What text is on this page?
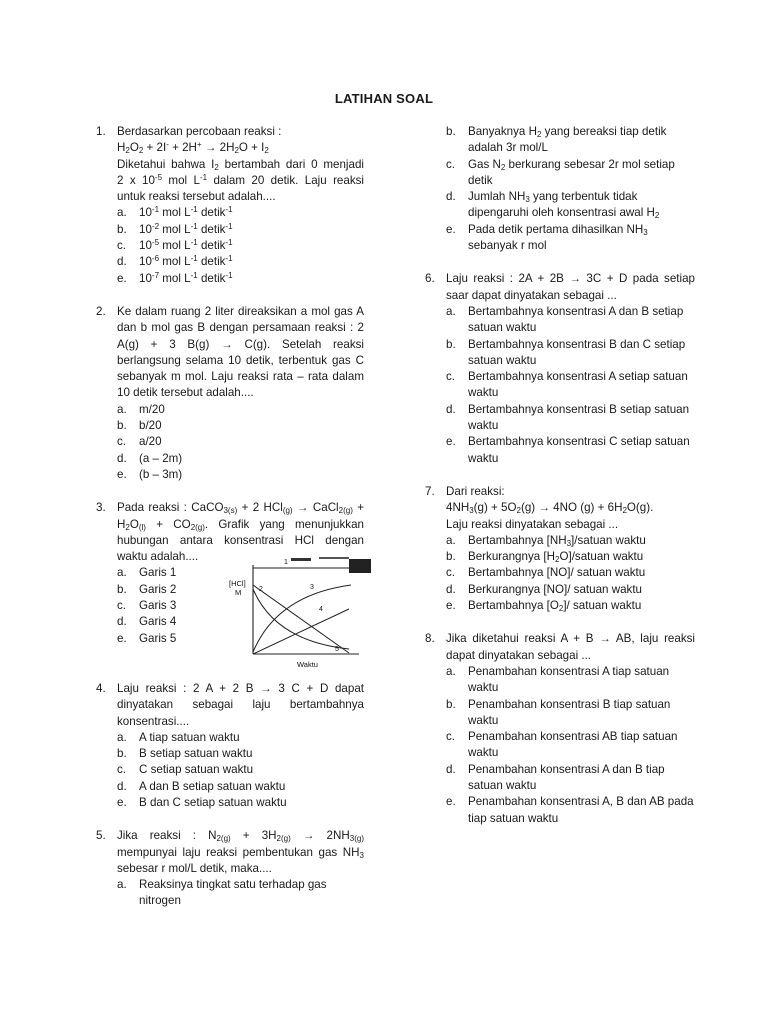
LATIHAN SOAL
1. Berdasarkan percobaan reaksi :
$H_2O_2 + 2I^- + 2H^+ \to 2H_2O + I_2$
Diketahui bahwa $I_2$ bertambah dari 0 menjadi
2 x $10^{-5}$ mol $L^{-1}$ dalam 20 detik. Laju reaksi
untuk reaksi tersebut adalah....
a. $10^{-1}$ mol $L^{-1}$ detik$^{-1}$
b. $10^{-2}$ mol $L^{-1}$ detik$^{-1}$
c. $10^{-5}$ mol $L^{-1}$ detik$^{-1}$
d. $10^{-6}$ mol $L^{-1}$ detik$^{-1}$
e. $10^{-7}$ mol $L^{-1}$ detik$^{-1}$
2. Ke dalam ruang 2 liter direaksikan a mol gas A dan b mol gas B dengan persamaan reaksi : 2 A(g) + 3 B(g) → C(g). Setelah reaksi berlangsung selama 10 detik, terbentuk gas C sebanyak m mol. Laju reaksi rata – rata dalam 10 detik tersebut adalah....
a. m/20
b. b/20
c. a/20
d. (a – 2m)
e. (b – 3m)
3. Pada reaksi : CaCO$_{3(s)}$ + 2 HCl$_{(g)}$ → CaCl$_{2(g)}$ + $H_2O_{(l)} + CO_{2(g)}$. Grafik yang menunjukkan hubungan antara konsentrasi HCl dengan waktu adalah....
a. Garis 1
b. Garis 2
c. Garis 3
d. Garis 4
e. Garis 5
[HCl]
M
1
2	3
4
5
Waktu
4. Laju reaksi : 2 A + 2 B → 3 C + D dapat dinyatakan sebagai laju bertambahnya konsentrasi....
a. A tiap satuan waktu
b. B setiap satuan waktu
c. C setiap satuan waktu
d. A dan B setiap satuan waktu
e. B dan C setiap satuan waktu
5. Jika reaksi : $N_{2(g)} + 3H_{2(g)} \to 2NH_{3(g)}$ mempunyai laju reaksi pembentukan gas $NH_3$ sebesar r mol/L detik, maka....
a. Reaksinya tingkat satu terhadap gas nitrogen
b. Banyaknya $H_2$ yang bereaksi tiap detik adalah 3r mol/L
c. Gas $N_2$ berkurang sebesar 2r mol setiap detik
d. Jumlah $NH_3$ yang terbentuk tidak dipengaruhi oleh konsentrasi awal $H_2$
e. Pada detik pertama dihasilkan $NH_3$ sebanyak r mol
6. Laju reaksi : 2A + 2B → 3C + D pada setiap saar dapat dinyatakan sebagai ...
a. Bertambahnya konsentrasi A dan B setiap satuan waktu
b. Bertambahnya konsentrasi B dan C setiap satuan waktu
c. Bertambahnya konsentrasi A setiap satuan waktu
d. Bertambahnya konsentrasi B setiap satuan waktu
e. Bertambahnya konsentrasi C setiap satuan waktu
7. Dari reaksi:
$4NH_3(g) + 5O_2(g) \to 4NO$ $(g) + 6H_2O(g)$.
Laju reaksi dinyatakan sebagai ...
a. Bertambahnya $[NH_3]$/satuan waktu
b. Berkurangnya $[H_2O]$/satuan waktu
c. Bertambahnya [NO]/ satuan waktu
d. Berkurangnya [NO]/ satuan waktu
e. Bertambahnya $[O_2]/$ satuan waktu
8. Jika diketahui reaksi A + B → AB, laju reaksi dapat dinyatakan sebagai ...
a. Penambahan konsentrasi A tiap satuan waktu
b. Penambahan konsentrasi B tiap satuan waktu
c. Penambahan konsentrasi AB tiap satuan waktu
d. Penambahan konsentrasi A dan B tiap satuan waktu
e. Penambahan konsentrasi A, B dan AB pada tiap satuan waktu
